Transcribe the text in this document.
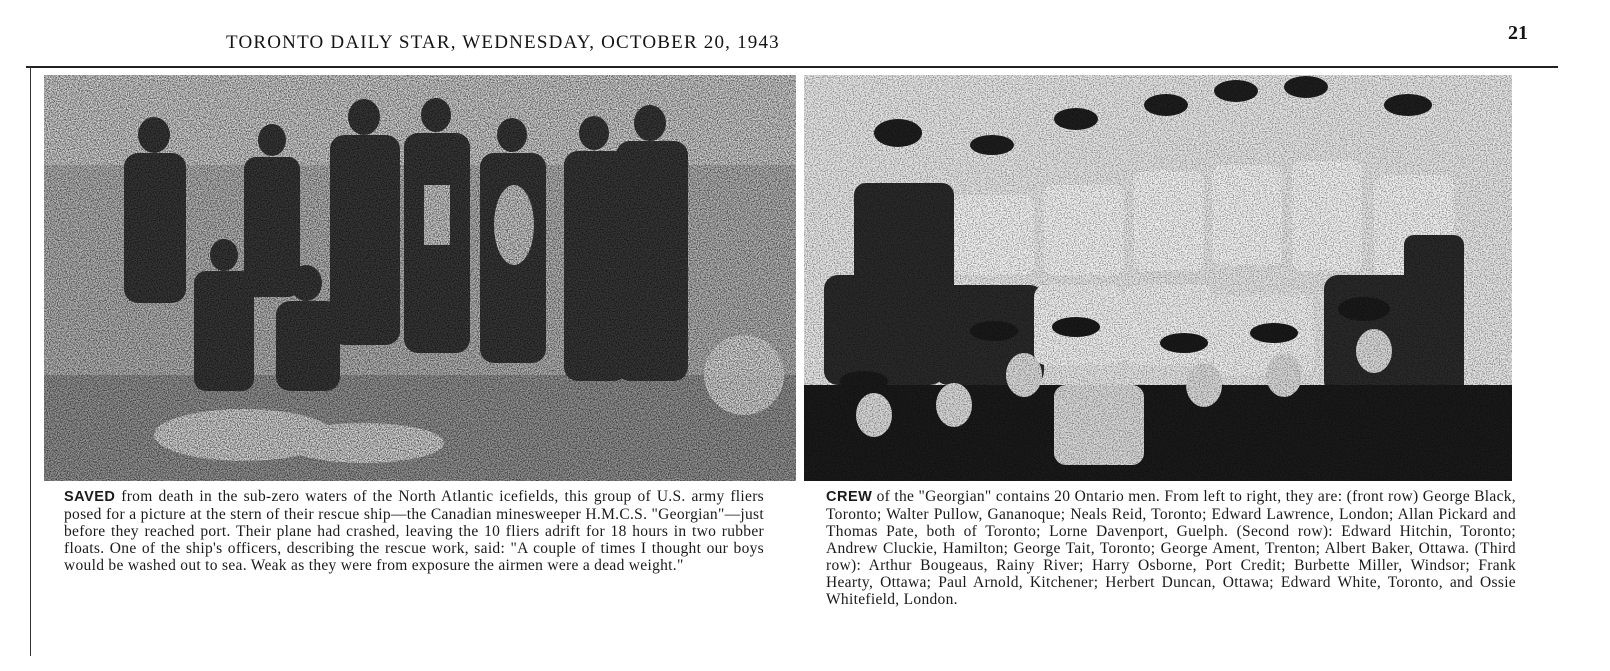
TORONTO DAILY STAR, WEDNESDAY, OCTOBER 20, 1943	21
SAVED from death in the sub-zero waters of the North Atlantic icefields, this group of U.S. army fliers posed for a picture at the stern of their rescue ship—the Canadian minesweeper H.M.C.S. "Georgian"—just before they reached port. Their plane had crashed, leaving the 10 fliers adrift for 18 hours in two rubber floats. One of the ship's officers, describing the rescue work, said: "A couple of times I thought our boys would be washed out to sea. Weak as they were from exposure the airmen were a dead weight."
CREW of the "Georgian" contains 20 Ontario men. From left to right, they are: (front row) George Black, Toronto; Walter Pullow, Gananoque; Neals Reid, Toronto; Edward Lawrence, London; Allan Pickard and Thomas Pate, both of Toronto; Lorne Davenport, Guelph. (Second row): Edward Hitchin, Toronto; Andrew Cluckie, Hamilton; George Tait, Toronto; George Ament, Trenton; Albert Baker, Ottawa. (Third row): Arthur Bougeaus, Rainy River; Harry Osborne, Port Credit; Burbette Miller, Windsor; Frank Hearty, Ottawa; Paul Arnold, Kitchener; Herbert Duncan, Ottawa; Edward White, Toronto, and Ossie Whitefield, London.
